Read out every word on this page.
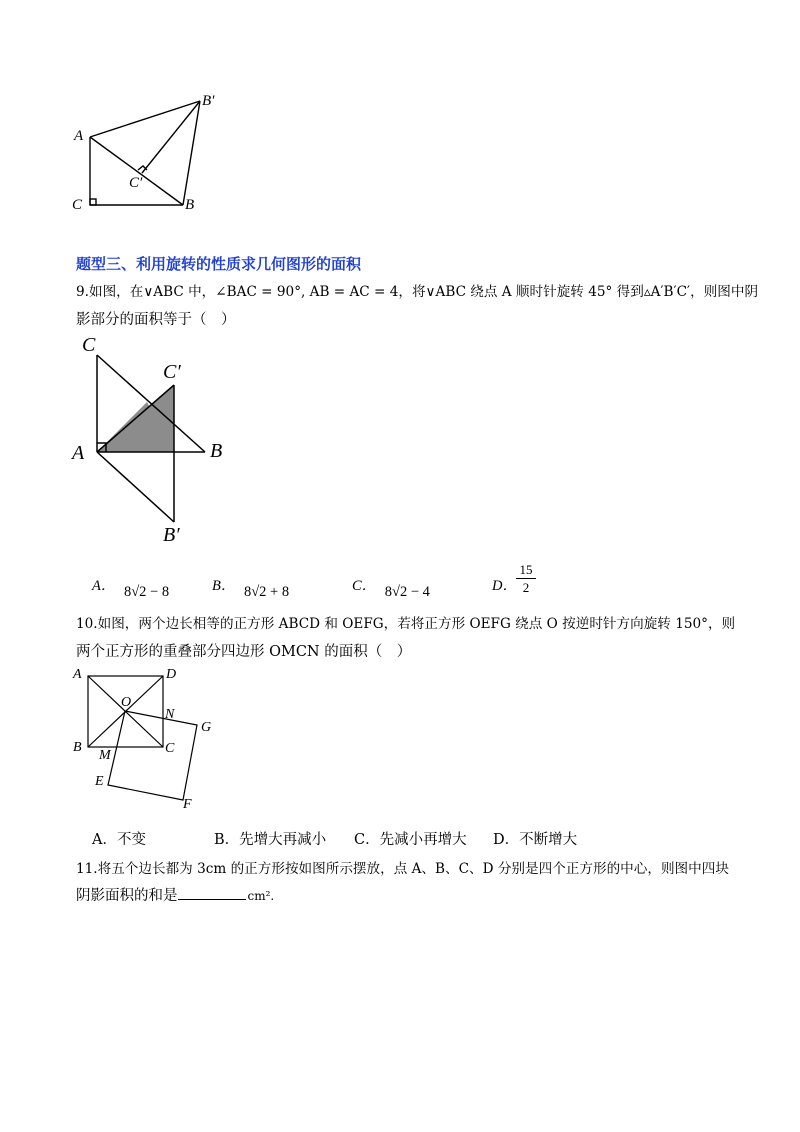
A
B′
C′
C	B
题型三、利用旋转的性质求几何图形的面积
9.如图，在∨ABC 中，∠BAC = 90°, AB = AC = 4，将∨ABC 绕点 A 顺时针旋转 45° 得到▵A′B′C′，则图中阴
影部分的面积等于（　）
C
C′
A	B
B′
A． 8√2 − 8	B． 8√2 + 8	C． 8√2 − 4	D．
15
2
10.如图，两个边长相等的正方形 ABCD 和 OEFG，若将正方形 OEFG 绕点 O 按逆时针方向旋转 150°，则
两个正方形的重叠部分四边形 OMCN 的面积（　）
A	D
O
N
G
B
M	C
E
F
A．不变	B．先增大再减小 C．先减小再增大 D．不断增大
11.将五个边长都为 3cm 的正方形按如图所示摆放，点 A、B、C、D 分别是四个正方形的中心，则图中四块
阴影面积的和是	cm².
